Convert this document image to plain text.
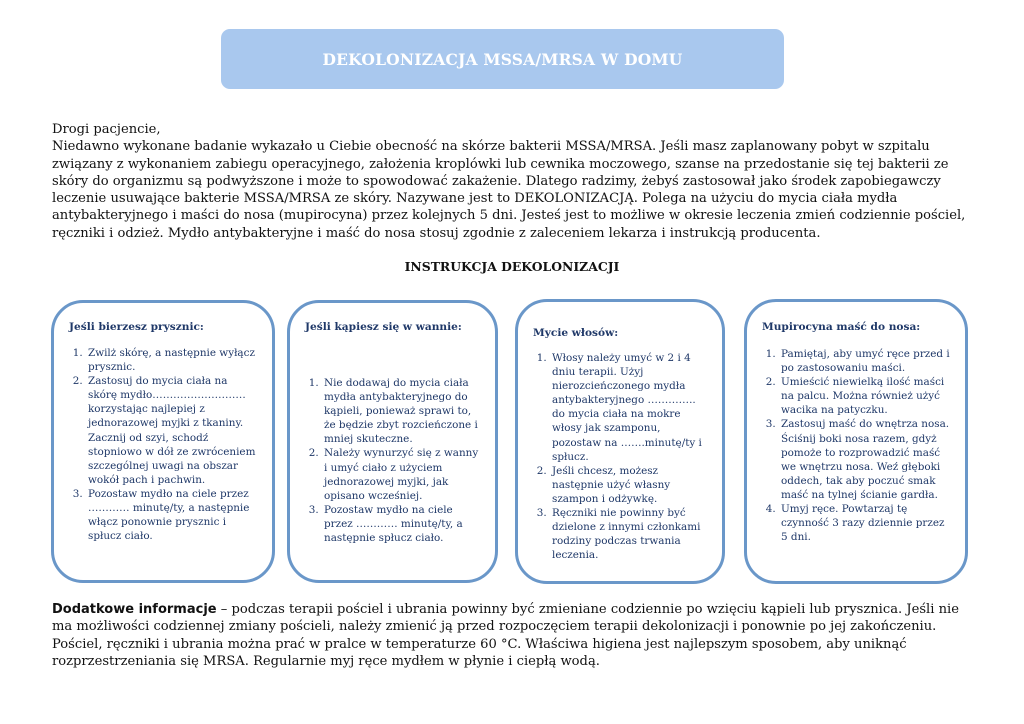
DEKOLONIZACJA MSSA/MRSA W DOMU

Drogi pacjencie,

Niedawno wykonane badanie wykazało u Ciebie obecność na skórze bakterii MSSA/MRSA. Jeśli masz zaplanowany pobyt w szpitalu związany z wykonaniem zabiegu operacyjnego, założenia kroplówki lub cewnika moczowego, szanse na przedostanie się tej bakterii ze skóry do organizmu są podwyższone i może to spowodować zakażenie. Dlatego radzimy, żebyś zastosował jako środek zapobiegawczy leczenie usuwające bakterie MSSA/MRSA ze skóry. Nazywane jest to DEKOLONIZACJĄ. Polega na użyciu do mycia ciała mydła antybakteryjnego i maści do nosa (mupirocyna) przez kolejnych 5 dni. Jesteś jest to możliwe w okresie leczenia zmień codziennie pościel, ręczniki i odzież. Mydło antybakteryjne i maść do nosa stosuj zgodnie z zaleceniem lekarza i instrukcją producenta.

INSTRUKCJA DEKOLONIZACJI
Jeśli bierzesz prysznic:
1. Zwilż skórę, a następnie wyłącz prysznic.
2. Zastosuj do mycia ciała na skórę mydło……………………… korzystając najlepiej z jednorazowej myjki z tkaniny. Zacznij od szyi, schodź stopniowo w dół ze zwróceniem szczególnej uwagi na obszar wokół pach i pachwin.
3. Pozostaw mydło na ciele przez ………… minutę/ty, a następnie włącz ponownie prysznic i spłucz ciało.
Jeśli kąpiesz się w wannie:
1. Nie dodawaj do mycia ciała mydła antybakteryjnego do kąpieli, ponieważ sprawi to, że będzie zbyt rozcieńczone i mniej skuteczne.
2. Należy wynurzyć się z wanny i umyć ciało z użyciem jednorazowej myjki, jak opisano wcześniej.
3. Pozostaw mydło na ciele przez ………… minutę/ty, a następnie spłucz ciało.
Mycie włosów:
1. Włosy należy umyć w 2 i 4 dniu terapii. Użyj nierozcieńczonego mydła antybakteryjnego ………….. do mycia ciała na mokre włosy jak szamponu, pozostaw na …….minutę/ty i spłucz.
2. Jeśli chcesz, możesz następnie użyć własny szampon i odżywkę.
3. Ręczniki nie powinny być dzielone z innymi członkami rodziny podczas trwania leczenia.
Mupirocyna maść do nosa:
1. Pamiętaj, aby umyć ręce przed i po zastosowaniu maści.
2. Umieścić niewielką ilość maści na palcu. Można również użyć wacika na patyczku.
3. Zastosuj maść do wnętrza nosa. Ściśnij boki nosa razem, gdyż pomoże to rozprowadzić maść we wnętrzu nosa. Weź głęboki oddech, tak aby poczuć smak maść na tylnej ścianie gardła.
4. Umyj ręce. Powtarzaj tę czynność 3 razy dziennie przez 5 dni.
Dodatkowe informacje – podczas terapii pościel i ubrania powinny być zmieniane codziennie po wzięciu kąpieli lub prysznica. Jeśli nie ma możliwości codziennej zmiany pościeli, należy zmienić ją przed rozpoczęciem terapii dekolonizacji i ponownie po jej zakończeniu. Pościel, ręczniki i ubrania można prać w pralce w temperaturze 60 °C. Właściwa higiena jest najlepszym sposobem, aby uniknąć rozprzestrzeniania się MRSA. Regularnie myj ręce mydłem w płynie i ciepłą wodą.
